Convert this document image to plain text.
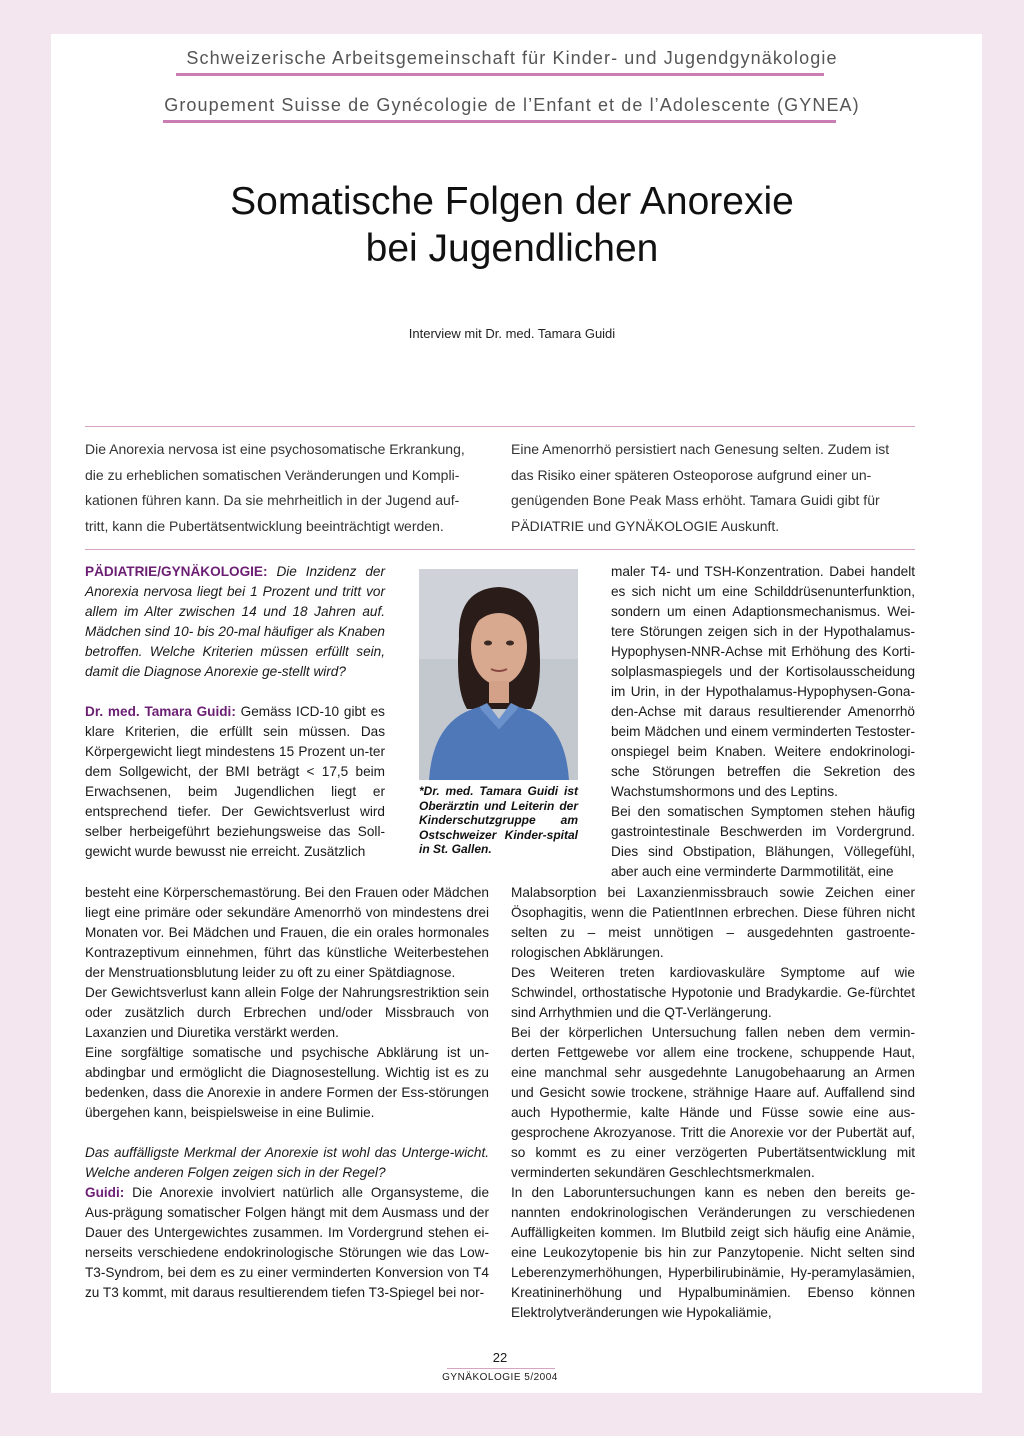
Schweizerische Arbeitsgemeinschaft für Kinder- und Jugendgynäkologie
Groupement Suisse de Gynécologie de l’Enfant et de l’Adolescente (GYNEA)
Somatische Folgen der Anorexie
bei Jugendlichen
Interview mit Dr. med. Tamara Guidi
Die Anorexia nervosa ist eine psychosomatische Erkrankung,
die zu erheblichen somatischen Veränderungen und Kompli-
kationen führen kann. Da sie mehrheitlich in der Jugend auf-
tritt, kann die Pubertätsentwicklung beeinträchtigt werden.
Eine Amenorrhö persistiert nach Genesung selten. Zudem ist
das Risiko einer späteren Osteoporose aufgrund einer un-
genügenden Bone Peak Mass erhöht. Tamara Guidi gibt für
PÄDIATRIE und GYNÄKOLOGIE Auskunft.

PÄDIATRIE/GYNÄKOLOGIE: Die Inzidenz der Anorexia nervosa liegt bei 1 Prozent und tritt vor allem im Alter zwischen 14 und 18 Jahren auf. Mädchen sind 10- bis 20-mal häufiger als Knaben betroffen. Welche Kriterien müssen erfüllt sein, damit die Diagnose Anorexie ge-stellt wird?

Dr. med. Tamara Guidi: Gemäss ICD-10 gibt es klare Kriterien, die erfüllt sein müssen. Das Körpergewicht liegt mindestens 15 Prozent un-ter dem Sollgewicht, der BMI beträgt < 17,5 beim Erwachsenen, beim Jugendlichen liegt er entsprechend tiefer. Der Gewichtsverlust wird selber herbeigeführt beziehungsweise das Soll-gewicht wurde bewusst nie erreicht. Zusätzlich

*Dr. med. Tamara Guidi ist Oberärztin und Leiterin der Kinderschutzgruppe am Ostschweizer Kinder-spital in St. Gallen.

maler T4- und TSH-Konzentration. Dabei handelt es sich nicht um eine Schilddrüsenunterfunktion, sondern um einen Adaptionsmechanismus. Wei-tere Störungen zeigen sich in der Hypothalamus-Hypophysen-NNR-Achse mit Erhöhung des Korti-solplasmaspiegels und der Kortisolausscheidung im Urin, in der Hypothalamus-Hypophysen-Gona-den-Achse mit daraus resultierender Amenorrhö beim Mädchen und einem verminderten Testoster-onspiegel beim Knaben. Weitere endokrinologi-sche Störungen betreffen die Sekretion des Wachstumshormons und des Leptins.

Bei den somatischen Symptomen stehen häufig gastrointestinale Beschwerden im Vordergrund. Dies sind Obstipation, Blähungen, Völlegefühl, aber auch eine verminderte Darmmotilität, eine

besteht eine Körperschemastörung. Bei den Frauen oder Mädchen liegt eine primäre oder sekundäre Amenorrhö von mindestens drei Monaten vor. Bei Mädchen und Frauen, die ein orales hormonales Kontrazeptivum einnehmen, führt das künstliche Weiterbestehen der Menstruationsblutung leider zu oft zu einer Spätdiagnose.

Der Gewichtsverlust kann allein Folge der Nahrungsrestriktion sein oder zusätzlich durch Erbrechen und/oder Missbrauch von Laxanzien und Diuretika verstärkt werden.

Eine sorgfältige somatische und psychische Abklärung ist un-abdingbar und ermöglicht die Diagnosestellung. Wichtig ist es zu bedenken, dass die Anorexie in andere Formen der Ess-störungen übergehen kann, beispielsweise in eine Bulimie.

Das auffälligste Merkmal der Anorexie ist wohl das Unterge-wicht. Welche anderen Folgen zeigen sich in der Regel?

Guidi: Die Anorexie involviert natürlich alle Organsysteme, die Aus-prägung somatischer Folgen hängt mit dem Ausmass und der Dauer des Untergewichtes zusammen. Im Vordergrund stehen ei-nerseits verschiedene endokrinologische Störungen wie das Low-T3-Syndrom, bei dem es zu einer verminderten Konversion von T4 zu T3 kommt, mit daraus resultierendem tiefen T3-Spiegel bei nor-

Malabsorption bei Laxanzienmissbrauch sowie Zeichen einer Ösophagitis, wenn die PatientInnen erbrechen. Diese führen nicht selten zu – meist unnötigen – ausgedehnten gastroente-rologischen Abklärungen.

Des Weiteren treten kardiovaskuläre Symptome auf wie Schwindel, orthostatische Hypotonie und Bradykardie. Ge-fürchtet sind Arrhythmien und die QT-Verlängerung.

Bei der körperlichen Untersuchung fallen neben dem vermin-derten Fettgewebe vor allem eine trockene, schuppende Haut, eine manchmal sehr ausgedehnte Lanugobehaarung an Armen und Gesicht sowie trockene, strähnige Haare auf. Auffallend sind auch Hypothermie, kalte Hände und Füsse sowie eine aus-gesprochene Akrozyanose. Tritt die Anorexie vor der Pubertät auf, so kommt es zu einer verzögerten Pubertätsentwicklung mit verminderten sekundären Geschlechtsmerkmalen.

In den Laboruntersuchungen kann es neben den bereits ge-nannten endokrinologischen Veränderungen zu verschiedenen Auffälligkeiten kommen. Im Blutbild zeigt sich häufig eine Anämie, eine Leukozytopenie bis hin zur Panzytopenie. Nicht selten sind Leberenzymerhöhungen, Hyperbilirubinämie, Hy-peramylasämien, Kreatininerhöhung und Hypalbuminämien. Ebenso können Elektrolytveränderungen wie Hypokaliämie,

22
GYNÄKOLOGIE 5/2004
